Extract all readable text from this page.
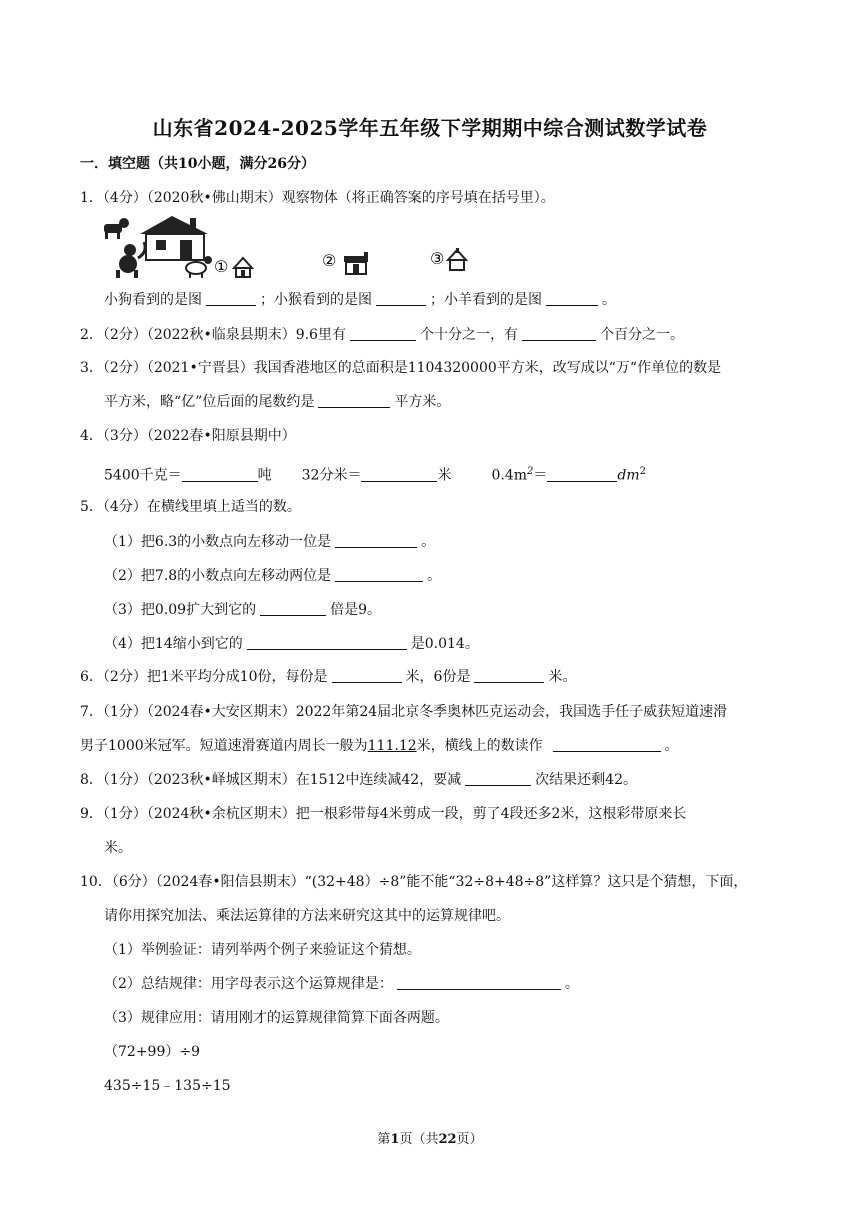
山东省2024-2025学年五年级下学期期中综合测试数学试卷
一．填空题（共10小题，满分26分）
1．（4分）（2020秋•佛山期末）观察物体（将正确答案的序号填在括号里）。
①	②	③
小狗看到的是图	；小猴看到的是图	；小羊看到的是图	。
2．（2分）（2022秋•临泉县期末）9.6里有	个十分之一，有	个百分之一。
3．（2分）（2021•宁晋县）我国香港地区的总面积是1104320000平方米，改写成以“万“作单位的数是
平方米，略“亿”位后面的尾数约是	平方米。
4．（3分）（2022春•阳原县期中）
5400千克＝	吨 32分米＝	米	$0.4m^2=$	$dm^2$
5．（4分）在横线里填上适当的数。
（1）把6.3的小数点向左移动一位是	。
（2）把7.8的小数点向左移动两位是	。
（3）把0.09扩大到它的	倍是9。
（4）把14缩小到它的	是0.014。
6．（2分）把1米平均分成10份，每份是	米，6份是	米。
7．（1分）（2024春•大安区期末）2022年第24届北京冬季奥林匹克运动会，我国选手任子威获短道速滑
男子1000米冠军。短道速滑赛道内周长一般为111.12米，横线上的数读作	。
8．（1分）（2023秋•峄城区期末）在1512中连续减42，要减	次结果还剩42。
9．（1分）（2024秋•余杭区期末）把一根彩带每4米剪成一段，剪了4段还多2米，这根彩带原来长
米。
10．（6分）（2024春•阳信县期末）“(32+48）÷8”能不能“32÷8+48÷8”这样算？这只是个猜想，下面，
请你用探究加法、乘法运算律的方法来研究这其中的运算规律吧。
（1）举例验证：请列举两个例子来验证这个猜想。
（2）总结规律：用字母表示这个运算规律是：	。
（3）规律应用：请用刚才的运算规律简算下面各两题。
（72+99）÷9
435÷15﹣135÷15
第1页（共22页）
